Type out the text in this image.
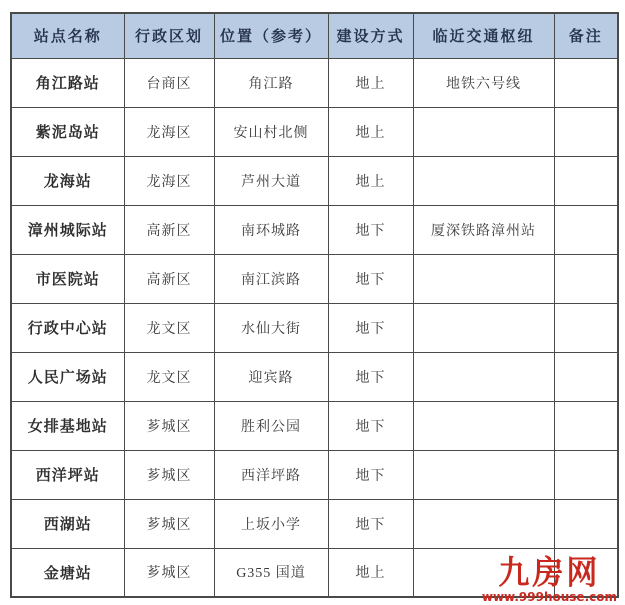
站点名称	行政区划	位置（参考）	建设方式	临近交通枢纽	备注
角江路站	台商区	角江路	地上	地铁六号线	
紫泥岛站	龙海区	安山村北侧	地上		
龙海站	龙海区	芦州大道	地上		
漳州城际站	高新区	南环城路	地下	厦深铁路漳州站	
市医院站	高新区	南江滨路	地下		
行政中心站	龙文区	水仙大街	地下		
人民广场站	龙文区	迎宾路	地下		
女排基地站	芗城区	胜利公园	地下		
西洋坪站	芗城区	西洋坪路	地下		
西湖站	芗城区	上坂小学	地下		
金塘站	芗城区	G355 国道	地上			九房网
www.999house.com
